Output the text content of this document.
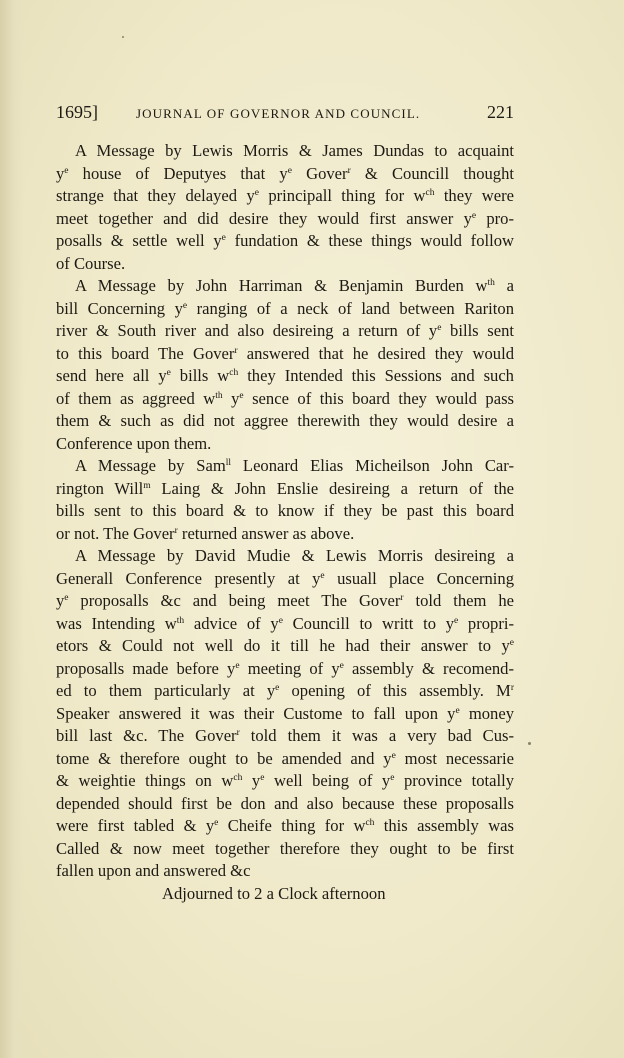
1695]	JOURNAL OF GOVERNOR AND COUNCIL.	221
A Message by Lewis Morris & James Dundas to acquaint
$y^e$ house of Deputyes that $y^e$ Gover$^r$ & Councill thought
strange that they delayed $y^e$ principall thing for $w^{ch}$ they were
meet together and did desire they would first answer $y^e$ pro-
posalls & settle well $y^e$ fundation & these things would follow
of Course.
A Message by John Harriman & Benjamin Burden $w^{th}$ a
bill Concerning $y^e$ ranging of a neck of land between Rariton
river & South river and also desireing a return of $y^e$ bills sent
to this board The Gover$^r$ answered that he desired they would
send here all $y^e$ bills $w^{ch}$ they Intended this Sessions and such
of them as aggreed $w^{th}$ $y^e$ sence of this board they would pass
them & such as did not aggree therewith they would desire a
Conference upon them.
A Message by Sam$^{ll}$ Leonard Elias Micheilson John Car-
rington Will$^m$ Laing & John Enslie desireing a return of the
bills sent to this board & to know if they be past this board
or not. The Gover$^r$ returned answer as above.
A Message by David Mudie & Lewis Morris desireing a
Generall Conference presently at $y^e$ usuall place Concerning
$y^e$ proposalls &c and being meet The Gover$^r$ told them he
was Intending $w^{th}$ advice of $y^e$ Councill to writt to $y^e$ propri-
etors & Could not well do it till he had their answer to $y^e$
proposalls made before $y^e$ meeting of $y^e$ assembly & recomend-
ed to them particularly at $y^e$ opening of this assembly. $M^r$
Speaker answered it was their Custome to fall upon $y^e$ money
bill last &c. The Gover$^r$ told them it was a very bad Cus-
tome & therefore ought to be amended and $y^e$ most necessarie
& weightie things on $w^{ch}$ $y^e$ well being of $y^e$ province totally
depended should first be don and also because these proposalls
were first tabled & $y^e$ Cheife thing for $w^{ch}$ this assembly was
Called & now meet together therefore they ought to be first
fallen upon and answered &c
Adjourned to 2 a Clock afternoon
